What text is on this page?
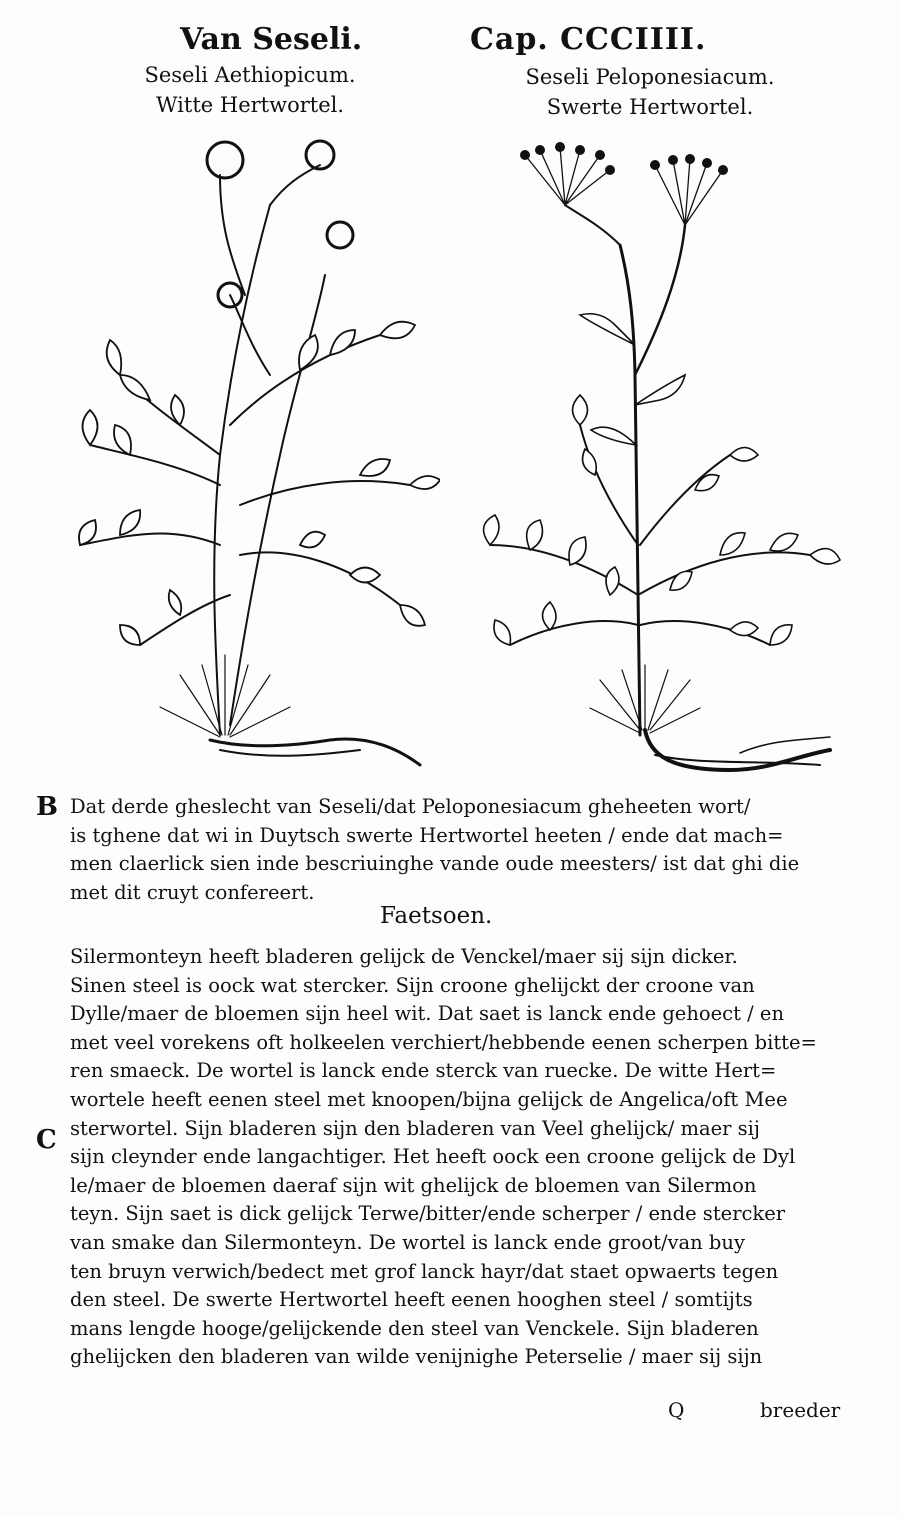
Van Seseli.	Cap. CCCIIII.
Seseli Aethiopicum.
Witte Hertwortel.
Seseli Peloponesiacum.
Swerte Hertwortel.
B Dat derde gheslecht van Seseli/dat Peloponesiacum gheheeten wort/
is tghene dat wi in Duytsch swerte Hertwortel heeten / ende dat mach=
men claerlick sien inde bescriuinghe vande oude meesters/ ist dat ghi die
met dit cruyt confereert.
Faetsoen.
C
Silermonteyn heeft bladeren gelijck de Venckel/maer sij sijn dicker.
Sinen steel is oock wat stercker. Sijn croone ghelijckt der croone van
Dylle/maer de bloemen sijn heel wit. Dat saet is lanck ende gehoect / en
met veel vorekens oft holkeelen verchiert/hebbende eenen scherpen bitte=
ren smaeck. De wortel is lanck ende sterck van ruecke. De witte Hert=
wortele heeft eenen steel met knoopen/bijna gelijck de Angelica/oft Mee
sterwortel. Sijn bladeren sijn den bladeren van Veel ghelijck/ maer sij
sijn cleynder ende langachtiger. Het heeft oock een croone gelijck de Dyl
le/maer de bloemen daeraf sijn wit ghelijck de bloemen van Silermon
teyn. Sijn saet is dick gelijck Terwe/bitter/ende scherper / ende stercker
van smake dan Silermonteyn. De wortel is lanck ende groot/van buy
ten bruyn verwich/bedect met grof lanck hayr/dat staet opwaerts tegen
den steel. De swerte Hertwortel heeft eenen hooghen steel / somtijts
mans lengde hooge/gelijckende den steel van Venckele. Sijn bladeren
ghelijcken den bladeren van wilde venijnighe Peterselie / maer sij sijn
Q	breeder
